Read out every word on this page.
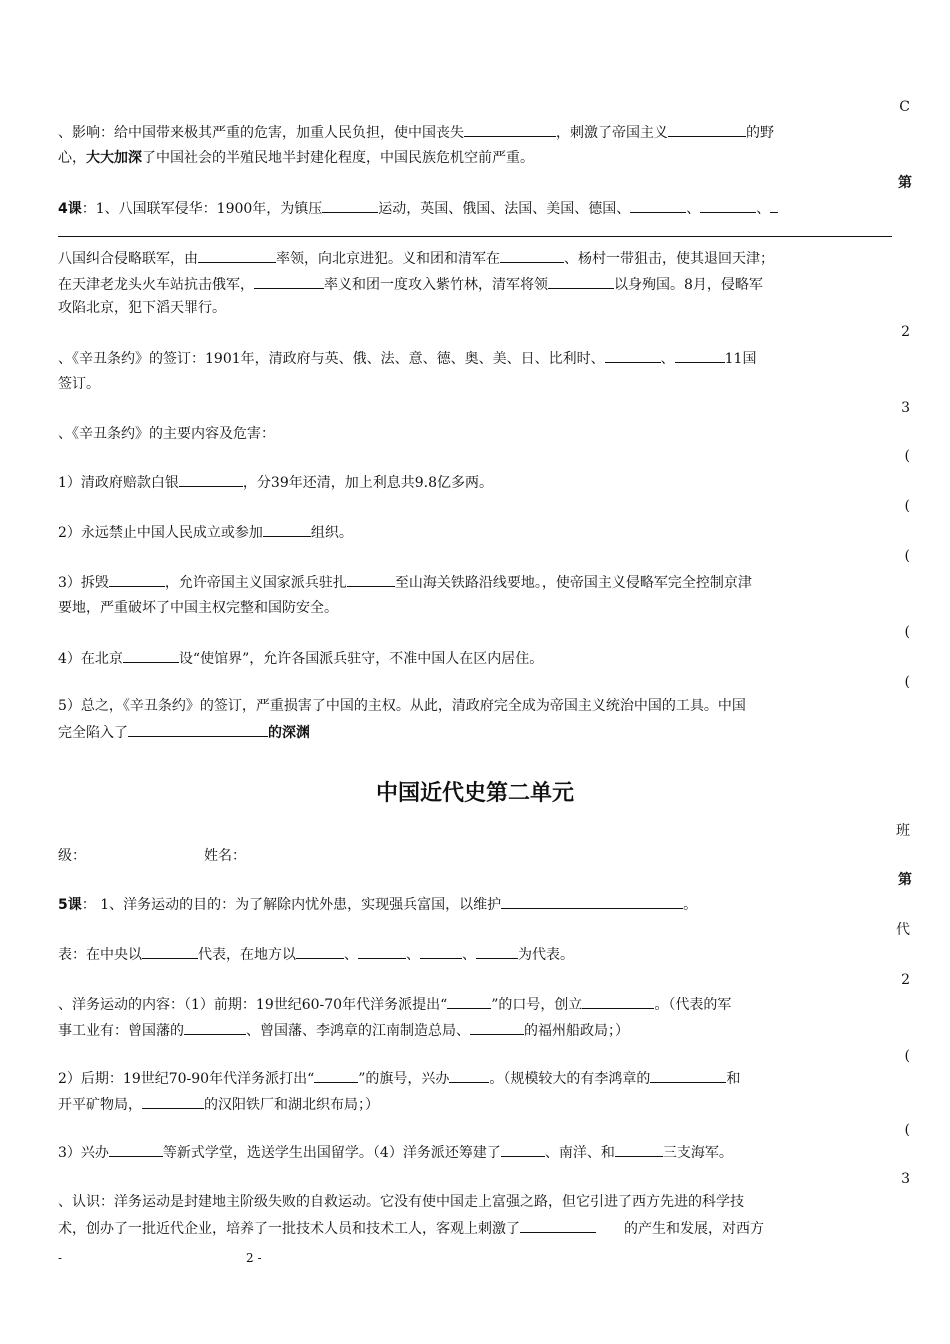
C
第
2
3
(
(
(
(
(
班
第
代
2
(
(
3
、影响：给中国带来极其严重的危害，加重人民负担，使中国丧失	，刺激了帝国主义	的野
心，大大加深了中国社会的半殖民地半封建化程度，中国民族危机空前严重。
4课：1、八国联军侵华：1900年，为镇压	运动，英国、俄国、法国、美国、德国、	、	、
八国纠合侵略联军，由	率领，向北京进犯。义和团和清军在	、杨村一带狙击，使其退回天津；
在天津老龙头火车站抗击俄军，	率义和团一度攻入紫竹林，清军将领	以身殉国。8月，侵略军
攻陷北京，犯下滔天罪行。
、《辛丑条约》的签订：1901年，清政府与英、俄、法、意、德、奥、美、日、比利时、	、	11国
签订。
、《辛丑条约》的主要内容及危害：
1）清政府赔款白银	，分39年还清，加上利息共9.8亿多两。
2）永远禁止中国人民成立或参加	组织。
3）拆毁	，允许帝国主义国家派兵驻扎	至山海关铁路沿线要地。，使帝国主义侵略军完全控制京津
要地，严重破坏了中国主权完整和国防安全。
4）在北京	设“使馆界”，允许各国派兵驻守，不准中国人在区内居住。
5）总之，《辛丑条约》的签订，严重损害了中国的主权。从此，清政府完全成为帝国主义统治中国的工具。中国
完全陷入了	的深渊
中国近代史第二单元
级：	姓名：
5课： 1、洋务运动的目的：为了解除内忧外患，实现强兵富国，以维护	。
表：在中央以	代表，在地方以	、	、	、	为代表。
、洋务运动的内容：（1）前期：19世纪60-70年代洋务派提出“	”的口号，创立	。（代表的军
事工业有：曾国藩的	、曾国藩、李鸿章的江南制造总局、	的福州船政局；）
2）后期：19世纪70-90年代洋务派打出“	”的旗号，兴办	。（规模较大的有李鸿章的	和
开平矿物局，	的汉阳铁厂和湖北织布局；）
3）兴办	等新式学堂，选送学生出国留学。（4）洋务派还筹建了	、南洋、和	三支海军。
、认识：洋务运动是封建地主阶级失败的自救运动。它没有使中国走上富强之路，但它引进了西方先进的科学技
术，创办了一批近代企业，培养了一批技术人员和技术工人，客观上刺激了	的产生和发展，对西方
-	2 -
